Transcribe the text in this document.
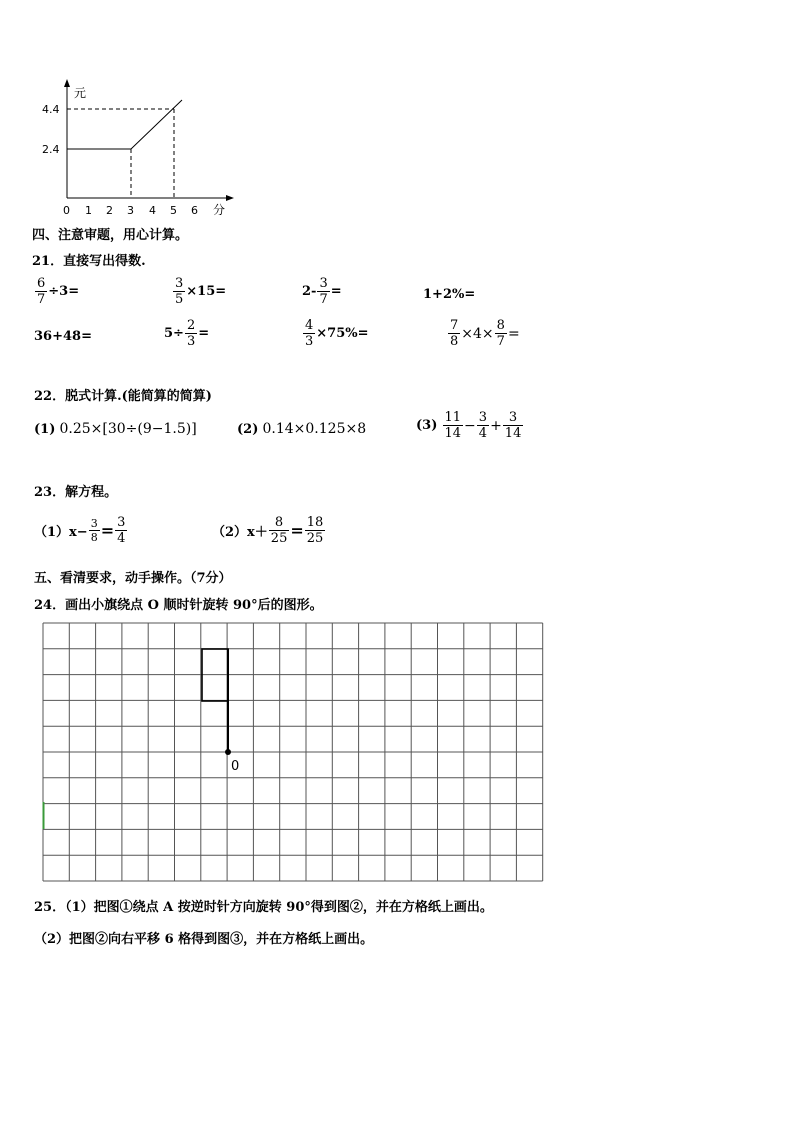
元
4.4
2.4
0 1 2 3 4 5 6 分
四、注意审题，用心计算。
21．直接写出得数.
$\frac{6}{7} \div 3=$	$\frac{3}{5} \times 15=$	$2- \frac{3}{7}$ =	1+2%=
36+48=	$5\div \frac{2}{3}$ =	$\frac{4}{3} \times 75\%=$	$\frac{7}{8} \times 4\times \frac{8}{7}$ =
22．脱式计算.(能简算的简算)
(1)
0.25×[30÷(9−1.5)]	(2)
0.14×0.125×8	(3)
$\frac{11}{14} - \frac{3}{4} + \frac{3}{14}$
23．解方程。
$(1)x- \frac{3}{8} = \frac{3}{4}$	$(2)x+ \frac{8}{25} = \frac{18}{25}$
五、看清要求，动手操作。（7分）
24．画出小旗绕点 O 顺时针旋转 90°后的图形。
0
25．（1）把图①绕点 A 按逆时针方向旋转 90°得到图②，并在方格纸上画出。
（2）把图②向右平移 6 格得到图③，并在方格纸上画出。
